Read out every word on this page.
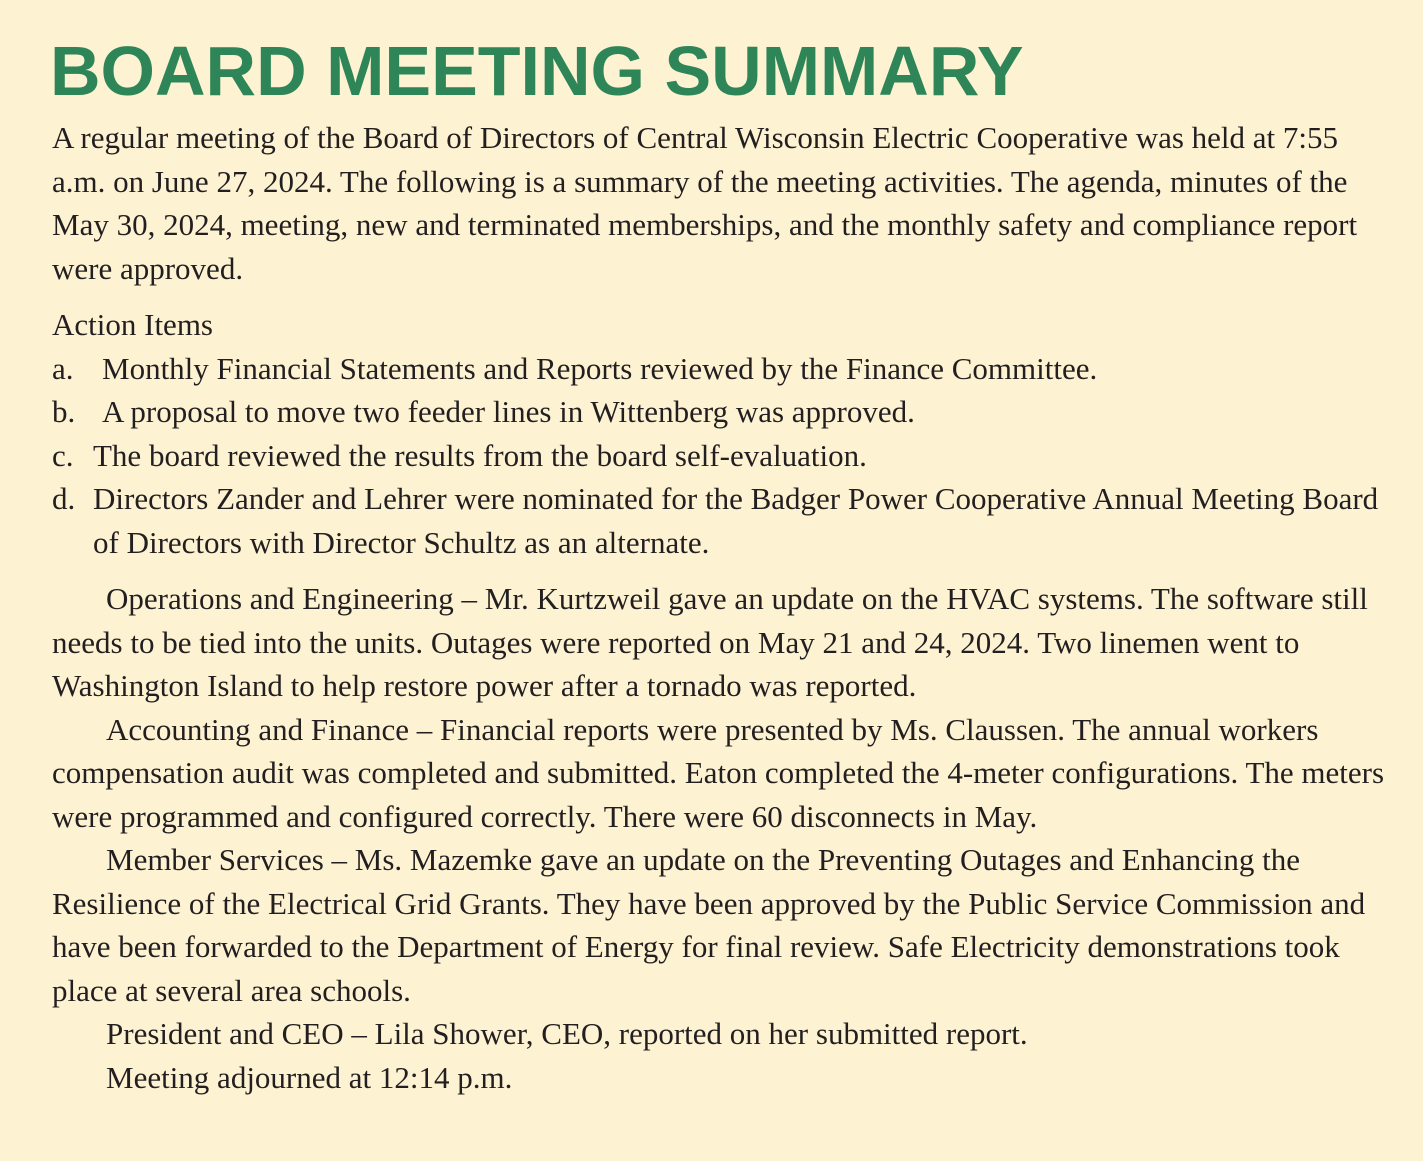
BOARD MEETING SUMMARY

A regular meeting of the Board of Directors of Central Wisconsin Electric Cooperative was held at 7:55 a.m. on June 27, 2024. The following is a summary of the meeting activities. The agenda, minutes of the May 30, 2024, meeting, new and terminated memberships, and the monthly safety and compliance report were approved.

Action Items

a. Monthly Financial Statements and Reports reviewed by the Finance Committee.
b. A proposal to move two feeder lines in Wittenberg was approved.
c. The board reviewed the results from the board self-evaluation.
d. Directors Zander and Lehrer were nominated for the Badger Power Cooperative Annual Meeting Board of Directors with Director Schultz as an alternate.

Operations and Engineering – Mr. Kurtzweil gave an update on the HVAC systems. The software still needs to be tied into the units. Outages were reported on May 21 and 24, 2024. Two linemen went to Washington Island to help restore power after a tornado was reported.

Accounting and Finance – Financial reports were presented by Ms. Claussen. The annual workers compensation audit was completed and submitted. Eaton completed the 4-meter configurations. The meters were programmed and configured correctly. There were 60 disconnects in May.

Member Services – Ms. Mazemke gave an update on the Preventing Outages and Enhancing the Resilience of the Electrical Grid Grants. They have been approved by the Public Service Commission and have been forwarded to the Department of Energy for final review. Safe Electricity demonstrations took place at several area schools.

President and CEO – Lila Shower, CEO, reported on her submitted report.

Meeting adjourned at 12:14 p.m.
